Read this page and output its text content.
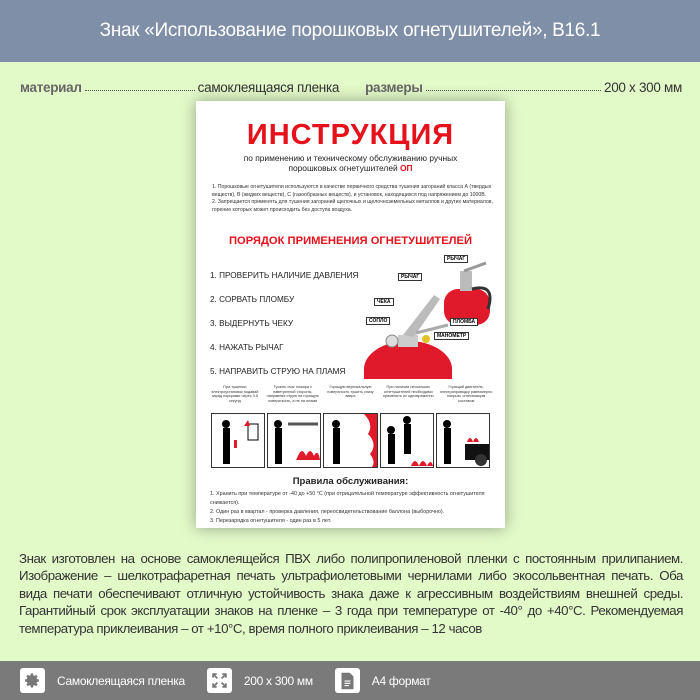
Знак «Использование порошковых огнетушителей», B16.1
материал	самоклеящаяся пленка размеры	200 х 300 мм
ИНСТРУКЦИЯ
по применению и техническому обслуживанию ручных
порошковых огнетушителей ОП
1. Порошковые огнетушители используются в качестве первичного средства тушения загораний класса А (твердых веществ), В (жидких веществ), С (газообразных веществ), и установок, находящихся под напряжением до 1000В.
2. Запрещается применять для тушения загораний щелочных и щелочноземельных металлов и других материалов, горение которых может происходить без доступа воздуха.
ПОРЯДОК ПРИМЕНЕНИЯ ОГНЕТУШИТЕЛЕЙ
1. ПРОВЕРИТЬ НАЛИЧИЕ ДАВЛЕНИЯ
2. СОРВАТЬ ПЛОМБУ
3. ВЫДЕРНУТЬ ЧЕКУ
4. НАЖАТЬ РЫЧАГ
5. НАПРАВИТЬ СТРУЮ НА ПЛАМЯ
РЫЧАГ
РЫЧАГ
ЧЕКА
СОПЛО	ПЛОМБА
МАНОМЕТР
При тушении электроустановок подавай заряд порциями через 3-5 секунд
Тушить очаг пожара с наветренной стороны, направляя струю на горящую поверхность, а не на пламя
Горящую вертикальную поверхность тушить снизу вверх
При наличии нескольких огнетушителей необходимо применять их одновременно
Горящий двигатель, электропроводку равномерно покрыть огнегасящим составом
Правила обслуживания:
1. Хранить при температуре от -40 до +50 °С (при отрицательной температуре эффективность огнетушителя снижается).
2. Один раз в квартал - проверка давления, переосвидетельствование баллона (выборочно).
3. Перезарядка огнетушителя - один раз в 5 лет.
Знак изготовлен на основе самоклеящейся ПВХ либо полипропиленовой пленки с постоянным прилипанием. Изображение – шелкотрафаретная печать ультрафиолетовыми чернилами либо экосольвентная печать. Оба вида печати обеспечивают отличную устойчивость знака даже к агрессивным воздействиям внешней среды. Гарантийный срок эксплуатации знаков на пленке – 3 года при температуре от -40° до +40°C. Рекомендуемая температура приклеивания – от +10°C, время полного приклеивания – 12 часов
Самоклеящаяся пленка	200 х 300 мм	А4 формат
